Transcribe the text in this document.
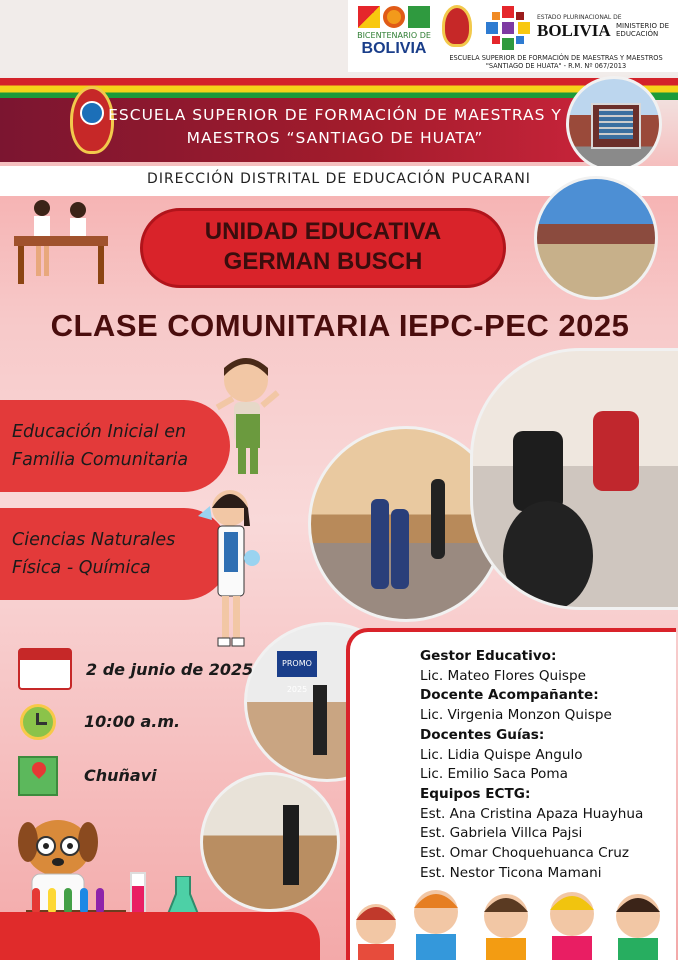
BICENTENARIO DE
BOLIVIA
ESTADO PLURINACIONAL DE
BOLIVIA MINISTERIO DE EDUCACIÓN
ESCUELA SUPERIOR DE FORMACIÓN DE MAESTRAS Y MAESTROS
"SANTIAGO DE HUATA" - R.M. Nº 067/2013
ESCUELA SUPERIOR DE FORMACIÓN DE MAESTRAS Y
MAESTROS “SANTIAGO DE HUATA”
DIRECCIÓN DISTRITAL DE EDUCACIÓN PUCARANI
UNIDAD EDUCATIVA
GERMAN BUSCH
CLASE COMUNITARIA IEPC-PEC 2025
Educación Inicial en
Familia Comunitaria
Ciencias Naturales
Física - Química
PROMO 2025
2 de junio de 2025
10:00 a.m.
Chuñavi
Gestor Educativo:
Lic. Mateo Flores Quispe
Docente Acompañante:
Lic. Virgenia Monzon Quispe
Docentes Guías:
Lic. Lidia Quispe Angulo
Lic. Emilio Saca Poma
Equipos ECTG:
Est. Ana Cristina Apaza Huayhua
Est. Gabriela Villca Pajsi
Est. Omar Choquehuanca Cruz
Est. Nestor Ticona Mamani
